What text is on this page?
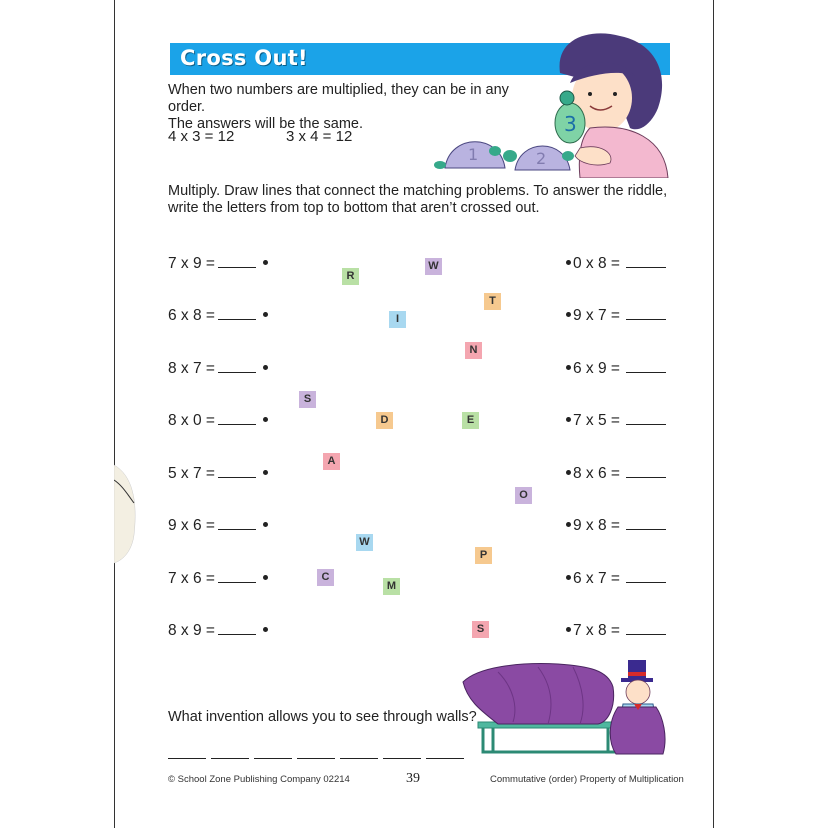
Cross Out!
3
1	2
When two numbers are multiplied, they can be in any order.
The answers will be the same.
4 x 3 = 12	3 x 4 = 12
Multiply. Draw lines that connect the matching problems. To answer the riddle,
write the letters from top to bottom that aren’t crossed out.
7 x 9 =
6 x 8 =
8 x 7 =
8 x 0 =
5 x 7 =
9 x 6 =
7 x 6 =
8 x 9 =
0 x 8 =
9 x 7 =
6 x 9 =
7 x 5 =
8 x 6 =
9 x 8 =
6 x 7 =
7 x 8 =
R
W
T
I
N
S
D	E
A
O
W
P
C
M
S
What invention allows you to see through walls?
© School Zone Publishing Company 02214	39	Commutative (order) Property of Multiplication
